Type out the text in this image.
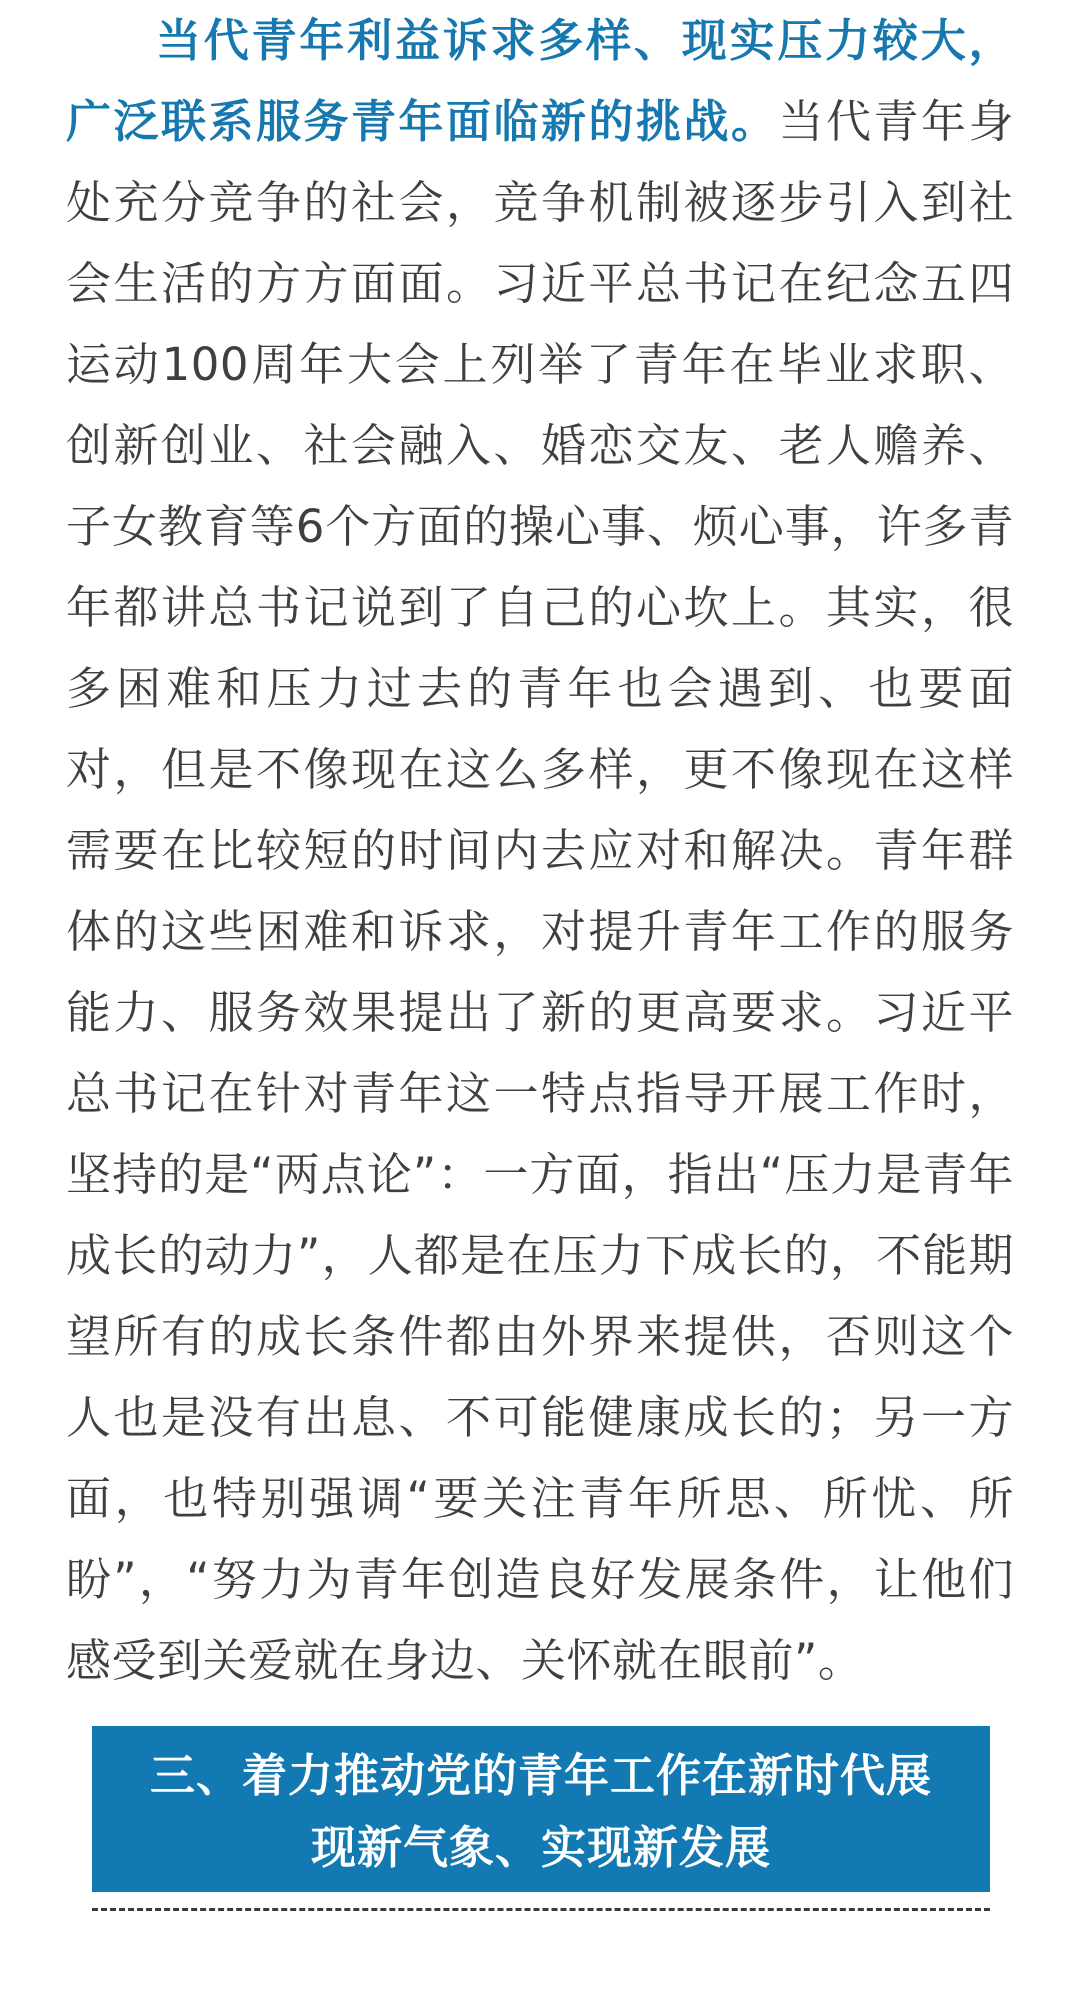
当代青年利益诉求多样、现实压力较大，广泛联系服务青年面临新的挑战。当代青年身处充分竞争的社会，竞争机制被逐步引入到社会生活的方方面面。习近平总书记在纪念五四运动100周年大会上列举了青年在毕业求职、创新创业、社会融入、婚恋交友、老人赡养、子女教育等6个方面的操心事、烦心事，许多青年都讲总书记说到了自己的心坎上。其实，很多困难和压力过去的青年也会遇到、也要面对，但是不像现在这么多样，更不像现在这样需要在比较短的时间内去应对和解决。青年群体的这些困难和诉求，对提升青年工作的服务能力、服务效果提出了新的更高要求。习近平总书记在针对青年这一特点指导开展工作时，坚持的是“两点论”：一方面，指出“压力是青年成长的动力”，人都是在压力下成长的，不能期望所有的成长条件都由外界来提供，否则这个人也是没有出息、不可能健康成长的；另一方面，也特别强调“要关注青年所思、所忧、所盼”，“努力为青年创造良好发展条件，让他们感受到关爱就在身边、关怀就在眼前”。

三、着力推动党的青年工作在新时代展
现新气象、实现新发展
